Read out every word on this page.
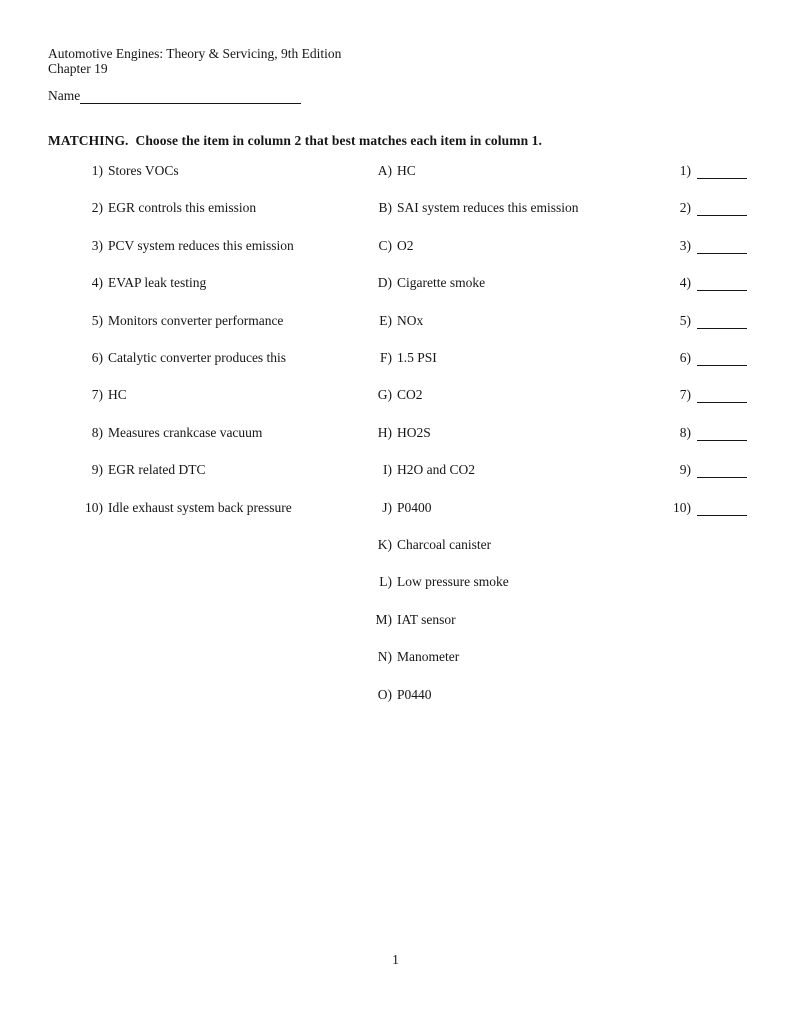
Automotive Engines: Theory & Servicing, 9th Edition
Chapter 19
Name
MATCHING.  Choose the item in column 2 that best matches each item in column 1.
1) Stores VOCs
2) EGR controls this emission
3) PCV system reduces this emission
4) EVAP leak testing
5) Monitors converter performance
6) Catalytic converter produces this
7) HC
8) Measures crankcase vacuum
9) EGR related DTC
10) Idle exhaust system back pressure
A) HC
B) SAI system reduces this emission
C) O2
D) Cigarette smoke
E) NOx
F) 1.5 PSI
G) CO2
H) HO2S
I) H2O and CO2
J) P0400
K) Charcoal canister
L) Low pressure smoke
M) IAT sensor
N) Manometer
O) P0440
1)
2)
3)
4)
5)
6)
7)
8)
9)
10)
1
